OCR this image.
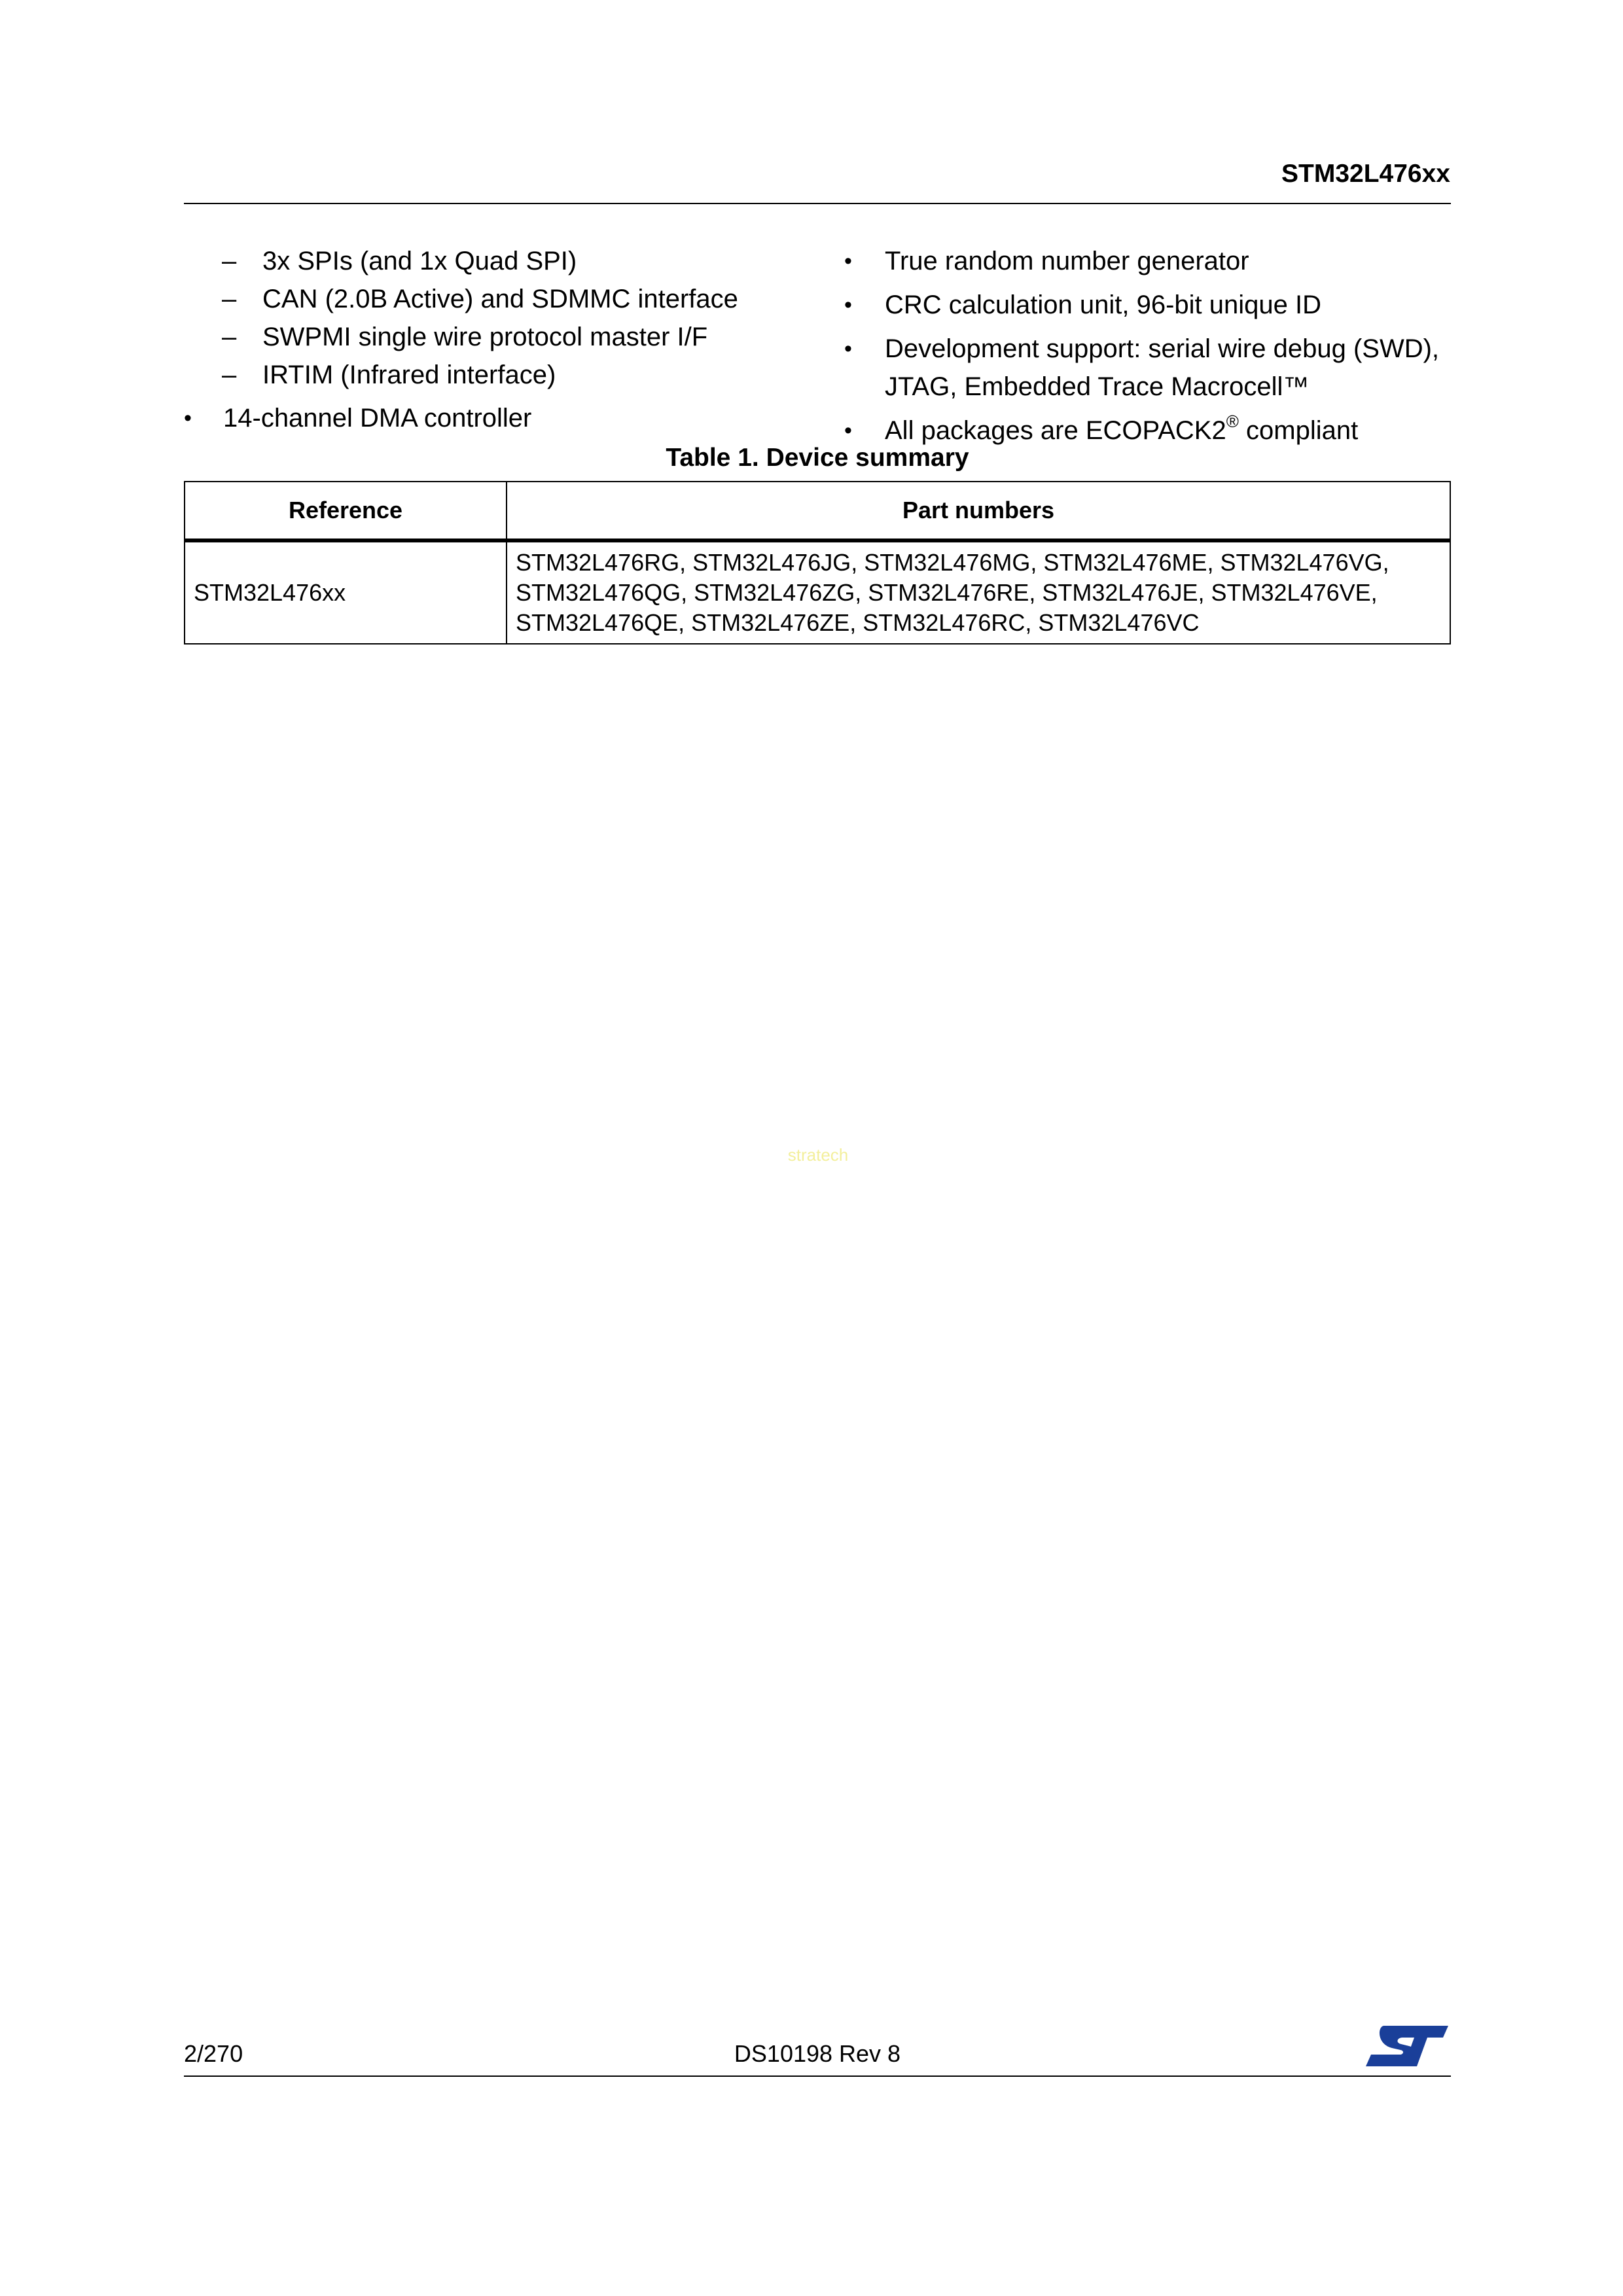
STM32L476xx
– 3x SPIs (and 1x Quad SPI)
– CAN (2.0B Active) and SDMMC interface
– SWPMI single wire protocol master I/F
– IRTIM (Infrared interface)
• 14-channel DMA controller
• True random number generator
• CRC calculation unit, 96-bit unique ID
• Development support: serial wire debug (SWD), JTAG, Embedded Trace Macrocell™
• All packages are ECOPACK2® compliant
Table 1. Device summary
Reference	Part numbers
STM32L476xx	STM32L476RG, STM32L476JG, STM32L476MG, STM32L476ME, STM32L476VG,
STM32L476QG, STM32L476ZG, STM32L476RE, STM32L476JE, STM32L476VE,
STM32L476QE, STM32L476ZE, STM32L476RC, STM32L476VC
stratech
2/270	DS10198 Rev 8
